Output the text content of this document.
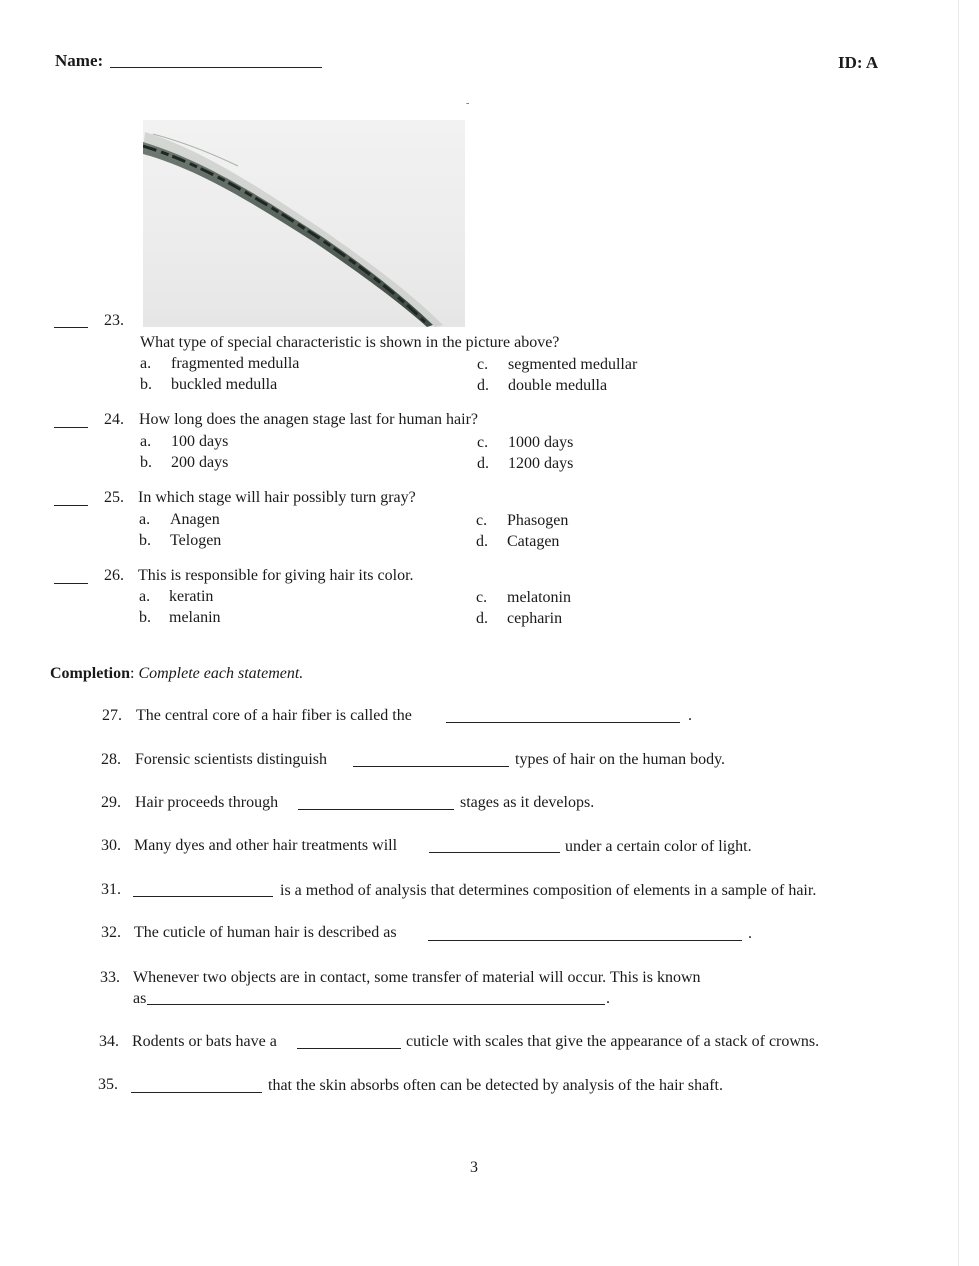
Name:	ID: A
-
23.
What type of special characteristic is shown in the picture above?
a. fragmented medulla
b. buckled medulla
c. segmented medullar
d. double medulla
24. How long does the anagen stage last for human hair?
a. 100 days
b. 200 days
c. 1000 days
d. 1200 days
25. In which stage will hair possibly turn gray?
a. Anagen
b. Telogen
c. Phasogen
d. Catagen
26. This is responsible for giving hair its color.
a. keratin
b. melanin
c. melatonin
d. cepharin
Completion: Complete each statement.
27. The central core of a hair fiber is called the	.
28. Forensic scientists distinguish	types of hair on the human body.
29. Hair proceeds through	stages as it develops.
30. Many dyes and other hair treatments will	under a certain color of light.
31.	is a method of analysis that determines composition of elements in a sample of hair.
32. The cuticle of human hair is described as	.
33. Whenever two objects are in contact, some transfer of material will occur. This is known
as	.
34. Rodents or bats have a	cuticle with scales that give the appearance of a stack of crowns.
35.	that the skin absorbs often can be detected by analysis of the hair shaft.
3
